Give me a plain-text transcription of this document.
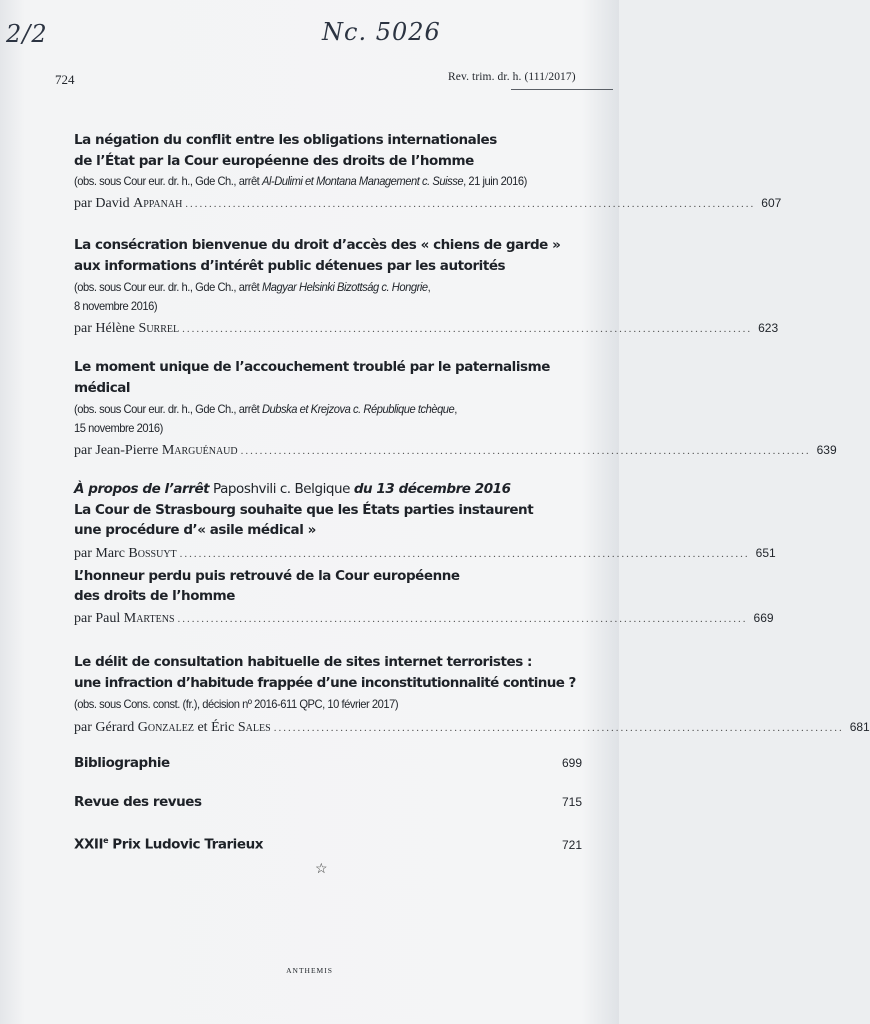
2/2	Nc. 5026
724	Rev. trim. dr. h. (111/2017)
La négation du conflit entre les obligations internationales
de l’État par la Cour européenne des droits de l’homme
(obs. sous Cour eur. dr. h., Gde Ch., arrêt Al-Dulimi et Montana Management c. Suisse, 21 juin 2016)
par David Appanah ........................................................................................................................ 607
La consécration bienvenue du droit d’accès des « chiens de garde »
aux informations d’intérêt public détenues par les autorités
(obs. sous Cour eur. dr. h., Gde Ch., arrêt Magyar Helsinki Bizottság c. Hongrie,
8 novembre 2016)
par Hélène Surrel ........................................................................................................................ 623
Le moment unique de l’accouchement troublé par le paternalisme
médical
(obs. sous Cour eur. dr. h., Gde Ch., arrêt Dubska et Krejzova c. République tchèque,
15 novembre 2016)
par Jean-Pierre Marguénaud ........................................................................................................................ 639
À propos de l’arrêt Paposhvili c. Belgique du 13 décembre 2016
La Cour de Strasbourg souhaite que les États parties instaurent
une procédure d’« asile médical »
par Marc Bossuyt ........................................................................................................................ 651
L’honneur perdu puis retrouvé de la Cour européenne
des droits de l’homme
par Paul Martens ........................................................................................................................ 669
Le délit de consultation habituelle de sites internet terroristes :
une infraction d’habitude frappée d’une inconstitutionnalité continue ?
(obs. sous Cons. const. (fr.), décision nº 2016-611 QPC, 10 février 2017)
par Gérard Gonzalez et Éric Sales ........................................................................................................................ 681
Bibliographie	699
Revue des revues	715
XXIIe Prix Ludovic Trarieux	721
☆
ANTHEMIS
